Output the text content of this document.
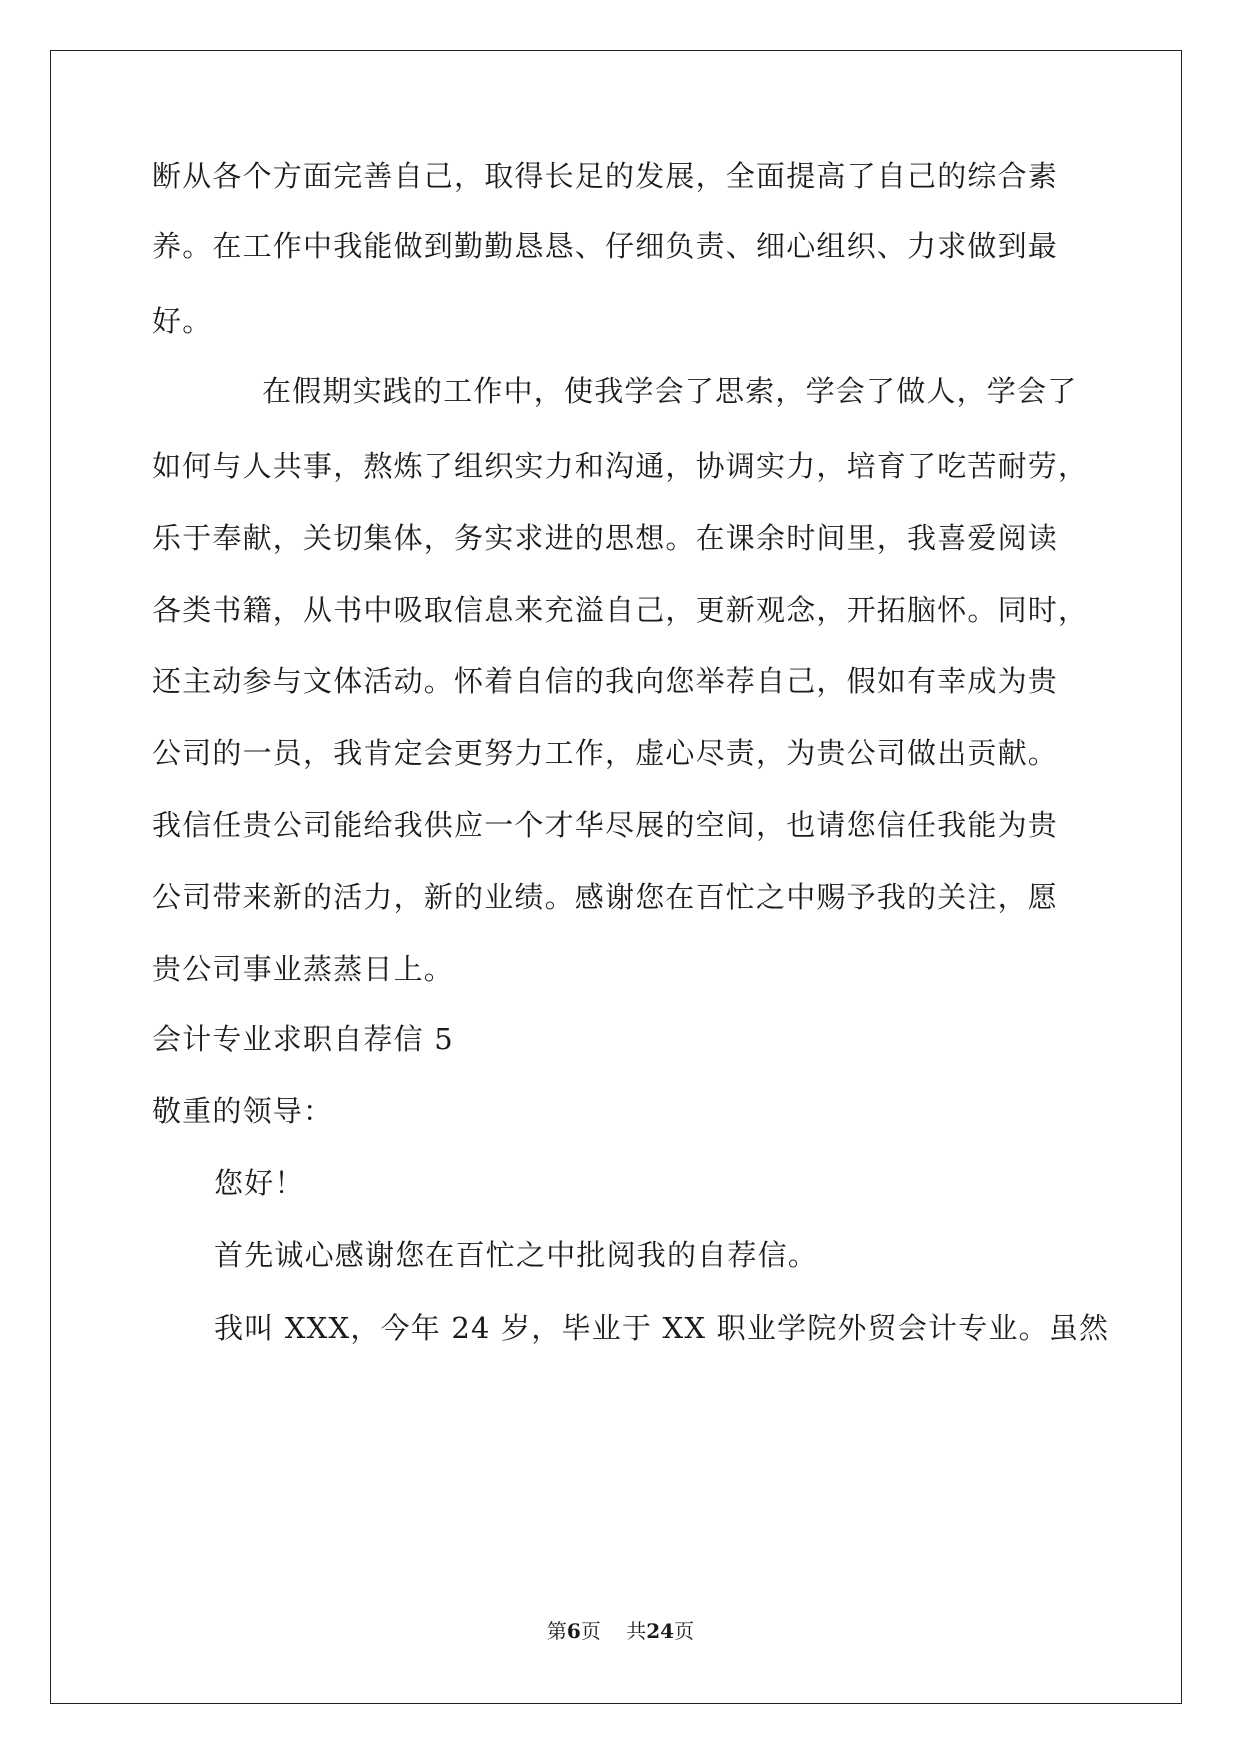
断从各个方面完善自己，取得长足的发展，全面提高了自己的综合素
养。在工作中我能做到勤勤恳恳、仔细负责、细心组织、力求做到最
好。
在假期实践的工作中，使我学会了思索，学会了做人，学会了
如何与人共事，熬炼了组织实力和沟通，协调实力，培育了吃苦耐劳，
乐于奉献，关切集体，务实求进的思想。在课余时间里，我喜爱阅读
各类书籍，从书中吸取信息来充溢自己，更新观念，开拓脑怀。同时，
还主动参与文体活动。怀着自信的我向您举荐自己，假如有幸成为贵
公司的一员，我肯定会更努力工作，虚心尽责，为贵公司做出贡献。
我信任贵公司能给我供应一个才华尽展的空间，也请您信任我能为贵
公司带来新的活力，新的业绩。感谢您在百忙之中赐予我的关注，愿
贵公司事业蒸蒸日上。
会计专业求职自荐信 5
敬重的领导：
您好！
首先诚心感谢您在百忙之中批阅我的自荐信。
我叫 XXX，今年 24 岁，毕业于 XX 职业学院外贸会计专业。虽然
第6页    共24页
